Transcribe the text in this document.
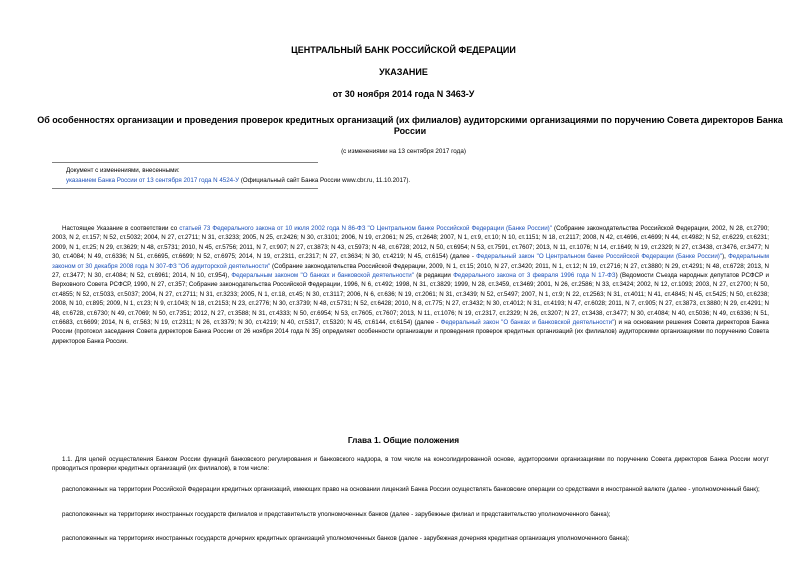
ЦЕНТРАЛЬНЫЙ БАНК РОССИЙСКОЙ ФЕДЕРАЦИИ
УКАЗАНИЕ
от 30 ноября 2014 года N 3463-У
Об особенностях организации и проведения проверок кредитных организаций (их филиалов) аудиторскими организациями по поручению Совета директоров Банка России
(с изменениями на 13 сентября 2017 года)
Документ с изменениями, внесенными:
указанием Банка России от 13 сентября 2017 года N 4524-У (Официальный сайт Банка России www.cbr.ru, 11.10.2017).
Настоящее Указание в соответствии со статьей 73 Федерального закона от 10 июля 2002 года N 86-ФЗ "О Центральном банке Российской Федерации (Банке России)" (Собрание законодательства Российской Федерации, 2002, N 28, ст.2790; 2003, N 2, ст.157; N 52, ст.5032; 2004, N 27, ст.2711; N 31, ст.3233; 2005, N 25, ст.2426; N 30, ст.3101; 2006, N 19, ст.2061; N 25, ст.2648; 2007, N 1, ст.9, ст.10; N 10, ст.1151; N 18, ст.2117; 2008, N 42, ст.4696, ст.4699; N 44, ст.4982; N 52, ст.6229, ст.6231; 2009, N 1, ст.25; N 29, ст.3629; N 48, ст.5731; 2010, N 45, ст.5756; 2011, N 7, ст.907; N 27, ст.3873; N 43, ст.5973; N 48, ст.6728; 2012, N 50, ст.6954; N 53, ст.7591, ст.7607; 2013, N 11, ст.1076; N 14, ст.1649; N 19, ст.2329; N 27, ст.3438, ст.3476, ст.3477; N 30, ст.4084; N 49, ст.6336; N 51, ст.6695, ст.6699; N 52, ст.6975; 2014, N 19, ст.2311, ст.2317; N 27, ст.3634; N 30, ст.4219; N 45, ст.6154) (далее - Федеральный закон "О Центральном банке Российской Федерации (Банке России)"), Федеральным законом от 30 декабря 2008 года N 307-ФЗ "Об аудиторской деятельности" (Собрание законодательства Российской Федерации, 2009, N 1, ст.15; 2010, N 27, ст.3420; 2011, N 1, ст.12; N 19, ст.2716; N 27, ст.3880; N 29, ст.4291; N 48, ст.6728; 2013, N 27, ст.3477; N 30, ст.4084; N 52, ст.6961; 2014, N 10, ст.954), Федеральным законом "О банках и банковской деятельности" (в редакции Федерального закона от 3 февраля 1996 года N 17-ФЗ) (Ведомости Съезда народных депутатов РСФСР и Верховного Совета РСФСР, 1990, N 27, ст.357; Собрание законодательства Российской Федерации, 1996, N 6, ст.492; 1998, N 31, ст.3829; 1999, N 28, ст.3459, ст.3469; 2001, N 26, ст.2586; N 33, ст.3424; 2002, N 12, ст.1093; 2003, N 27, ст.2700; N 50, ст.4855; N 52, ст.5033, ст.5037; 2004, N 27, ст.2711; N 31, ст.3233; 2005, N 1, ст.18, ст.45; N 30, ст.3117; 2006, N 6, ст.636; N 19, ст.2061; N 31, ст.3439; N 52, ст.5497; 2007, N 1, ст.9; N 22, ст.2563; N 31, ст.4011; N 41, ст.4845; N 45, ст.5425; N 50, ст.6238; 2008, N 10, ст.895; 2009, N 1, ст.23; N 9, ст.1043; N 18, ст.2153; N 23, ст.2776; N 30, ст.3739; N 48, ст.5731; N 52, ст.6428; 2010, N 8, ст.775; N 27, ст.3432; N 30, ст.4012; N 31, ст.4193; N 47, ст.6028; 2011, N 7, ст.905; N 27, ст.3873, ст.3880; N 29, ст.4291; N 48, ст.6728, ст.6730; N 49, ст.7069; N 50, ст.7351; 2012, N 27, ст.3588; N 31, ст.4333; N 50, ст.6954; N 53, ст.7605, ст.7607; 2013, N 11, ст.1076; N 19, ст.2317, ст.2329; N 26, ст.3207; N 27, ст.3438, ст.3477; N 30, ст.4084; N 40, ст.5036; N 49, ст.6336; N 51, ст.6683, ст.6699; 2014, N 6, ст.563; N 19, ст.2311; N 26, ст.3379; N 30, ст.4219; N 40, ст.5317, ст.5320; N 45, ст.6144, ст.6154) (далее - Федеральный закон "О банках и банковской деятельности") и на основании решения Совета директоров Банка России (протокол заседания Совета директоров Банка России от 26 ноября 2014 года N 35) определяет особенности организации и проведения проверок кредитных организаций (их филиалов) аудиторскими организациями по поручению Совета директоров Банка России.
Глава 1. Общие положения
1.1. Для целей осуществления Банком России функций банковского регулирования и банковского надзора, в том числе на консолидированной основе, аудиторскими организациями по поручению Совета директоров Банка России могут проводиться проверки кредитных организаций (их филиалов), в том числе:
расположенных на территории Российской Федерации кредитных организаций, имеющих право на основании лицензий Банка России осуществлять банковские операции со средствами в иностранной валюте (далее - уполномоченный банк);
расположенных на территориях иностранных государств филиалов и представительств уполномоченных банков (далее - зарубежные филиал и представительство уполномоченного банка);
расположенных на территориях иностранных государств дочерних кредитных организаций уполномоченных банков (далее - зарубежная дочерняя кредитная организация уполномоченного банка);
